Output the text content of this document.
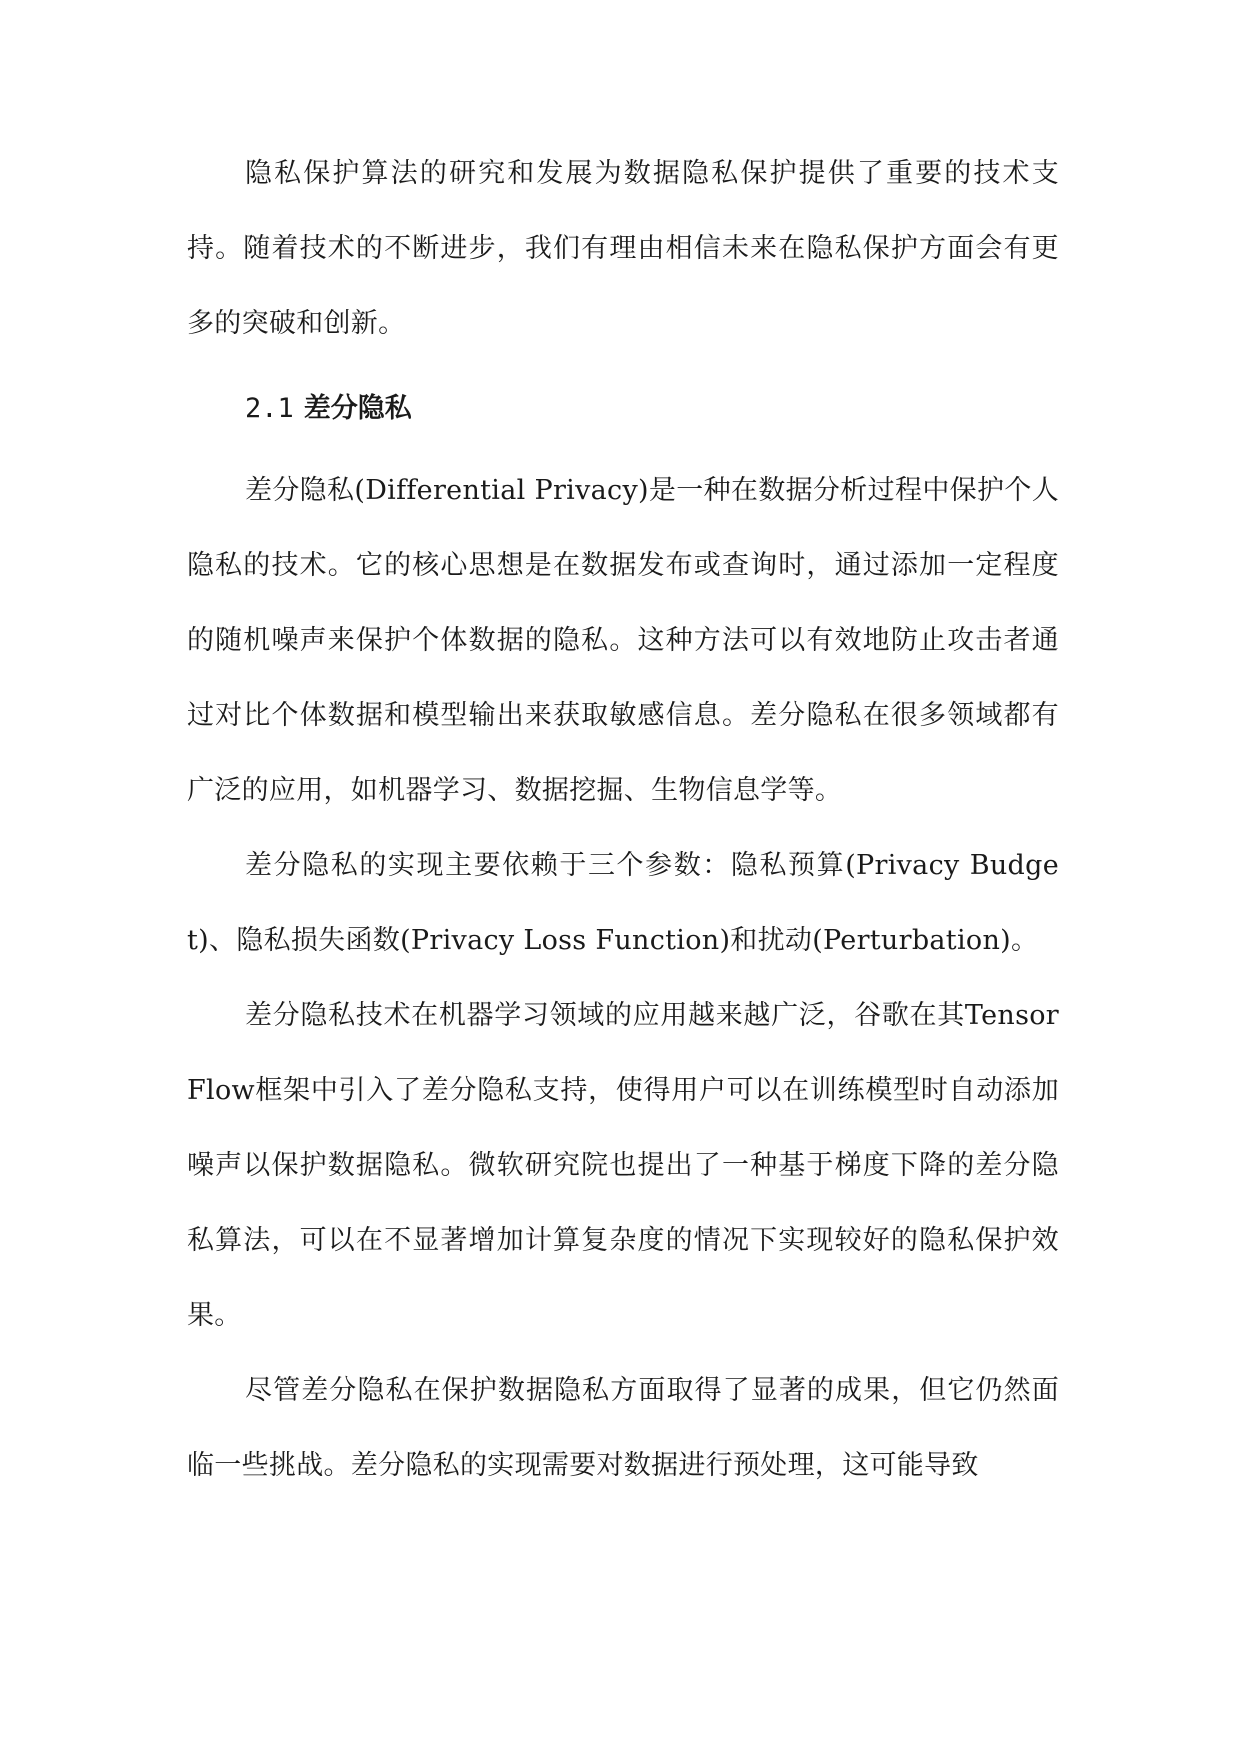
隐私保护算法的研究和发展为数据隐私保护提供了重要的技术支持。随着技术的不断进步，我们有理由相信未来在隐私保护方面会有更多的突破和创新。

2.1 差分隐私

差分隐私(Differential Privacy)是一种在数据分析过程中保护个人隐私的技术。它的核心思想是在数据发布或查询时，通过添加一定程度的随机噪声来保护个体数据的隐私。这种方法可以有效地防止攻击者通过对比个体数据和模型输出来获取敏感信息。差分隐私在很多领域都有广泛的应用，如机器学习、数据挖掘、生物信息学等。

差分隐私的实现主要依赖于三个参数：隐私预算(Privacy Budget)、隐私损失函数(Privacy Loss Function)和扰动(Perturbation)。

差分隐私技术在机器学习领域的应用越来越广泛，谷歌在其TensorFlow框架中引入了差分隐私支持，使得用户可以在训练模型时自动添加噪声以保护数据隐私。微软研究院也提出了一种基于梯度下降的差分隐私算法，可以在不显著增加计算复杂度的情况下实现较好的隐私保护效果。

尽管差分隐私在保护数据隐私方面取得了显著的成果，但它仍然面临一些挑战。差分隐私的实现需要对数据进行预处理，这可能导致
